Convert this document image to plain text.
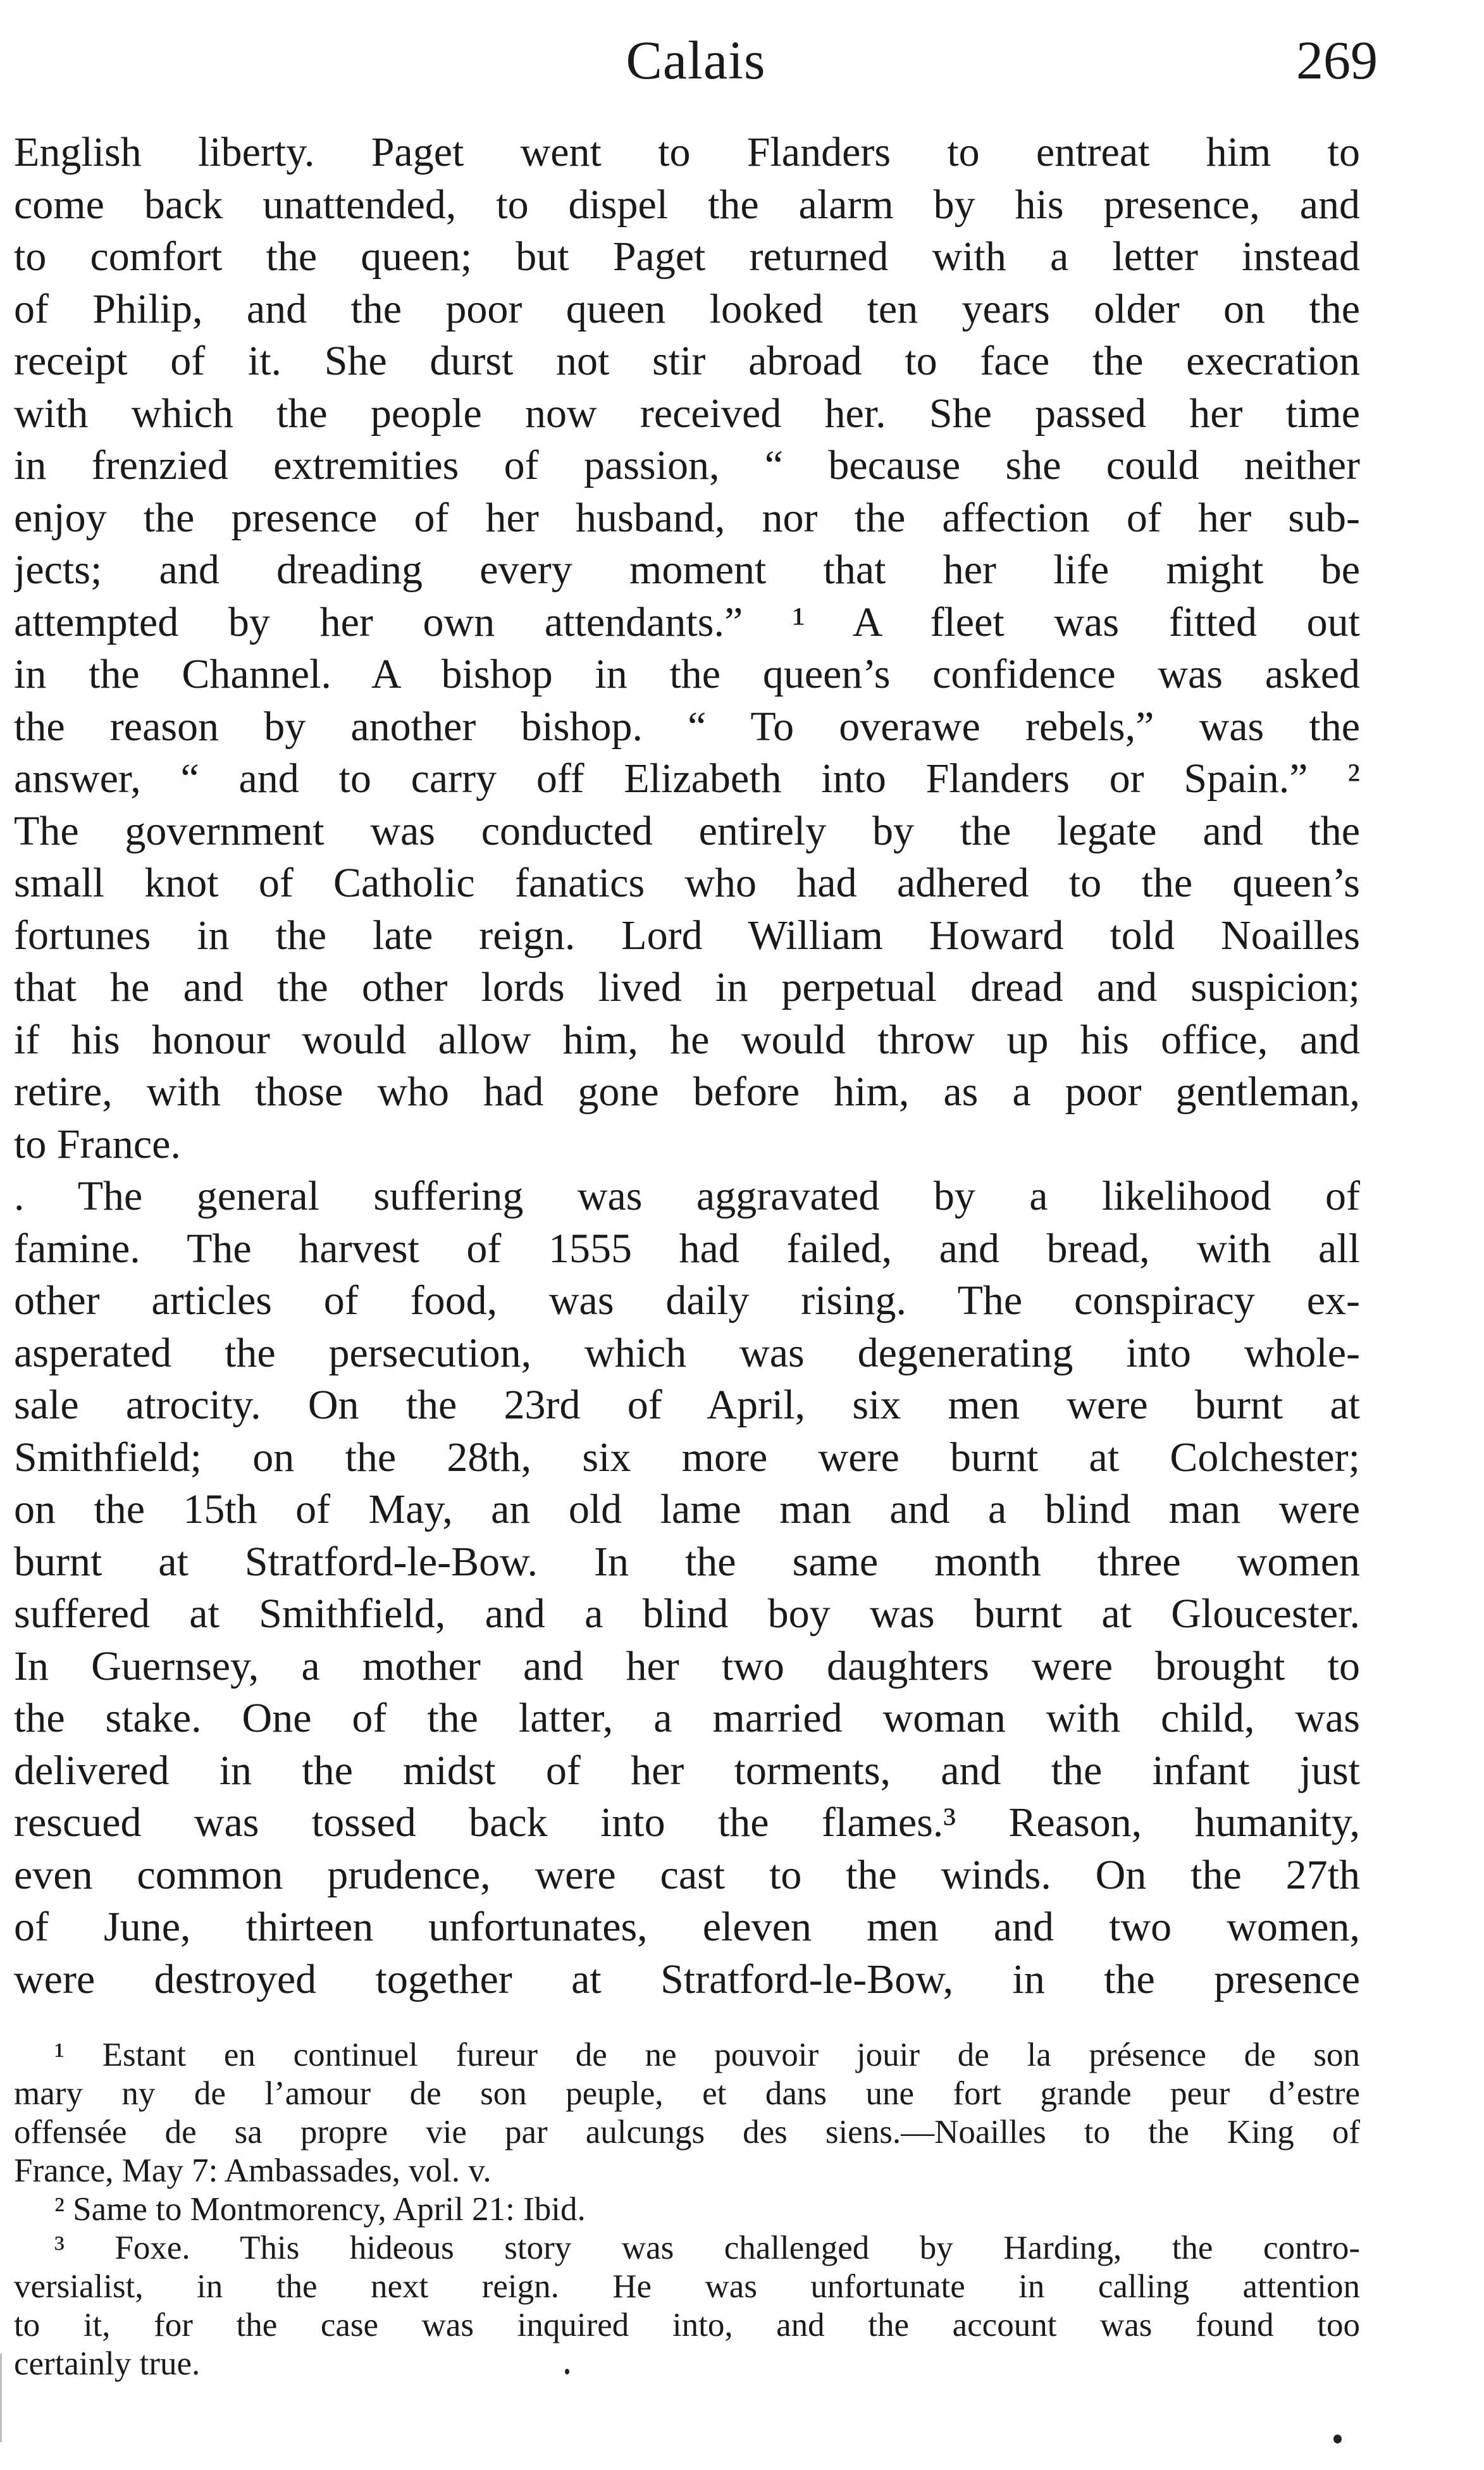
Calais	269
English liberty. Paget went to Flanders to entreat him to
come back unattended, to dispel the alarm by his presence, and
to comfort the queen; but Paget returned with a letter instead
of Philip, and the poor queen looked ten years older on the
receipt of it. She durst not stir abroad to face the execration
with which the people now received her. She passed her time
in frenzied extremities of passion, “ because she could neither
enjoy the presence of her husband, nor the affection of her sub-
jects; and dreading every moment that her life might be
attempted by her own attendants.” ¹ A fleet was fitted out
in the Channel. A bishop in the queen’s confidence was asked
the reason by another bishop. “ To overawe rebels,” was the
answer, “ and to carry off Elizabeth into Flanders or Spain.” ²
The government was conducted entirely by the legate and the
small knot of Catholic fanatics who had adhered to the queen’s
fortunes in the late reign. Lord William Howard told Noailles
that he and the other lords lived in perpetual dread and suspicion;
if his honour would allow him, he would throw up his office, and
retire, with those who had gone before him, as a poor gentleman,
to France.
. The general suffering was aggravated by a likelihood of
famine. The harvest of 1555 had failed, and bread, with all
other articles of food, was daily rising. The conspiracy ex-
asperated the persecution, which was degenerating into whole-
sale atrocity. On the 23rd of April, six men were burnt at
Smithfield; on the 28th, six more were burnt at Colchester;
on the 15th of May, an old lame man and a blind man were
burnt at Stratford-le-Bow. In the same month three women
suffered at Smithfield, and a blind boy was burnt at Gloucester.
In Guernsey, a mother and her two daughters were brought to
the stake. One of the latter, a married woman with child, was
delivered in the midst of her torments, and the infant just
rescued was tossed back into the flames.³ Reason, humanity,
even common prudence, were cast to the winds. On the 27th
of June, thirteen unfortunates, eleven men and two women,
were destroyed together at Stratford-le-Bow, in the presence
¹ Estant en continuel fureur de ne pouvoir jouir de la présence de son
mary ny de l’amour de son peuple, et dans une fort grande peur d’estre
offensée de sa propre vie par aulcungs des siens.—Noailles to the King of
France, May 7: Ambassades, vol. v.
² Same to Montmorency, April 21: Ibid.
³ Foxe. This hideous story was challenged by Harding, the contro-
versialist, in the next reign. He was unfortunate in calling attention
to it, for the case was inquired into, and the account was found too
certainly true.
